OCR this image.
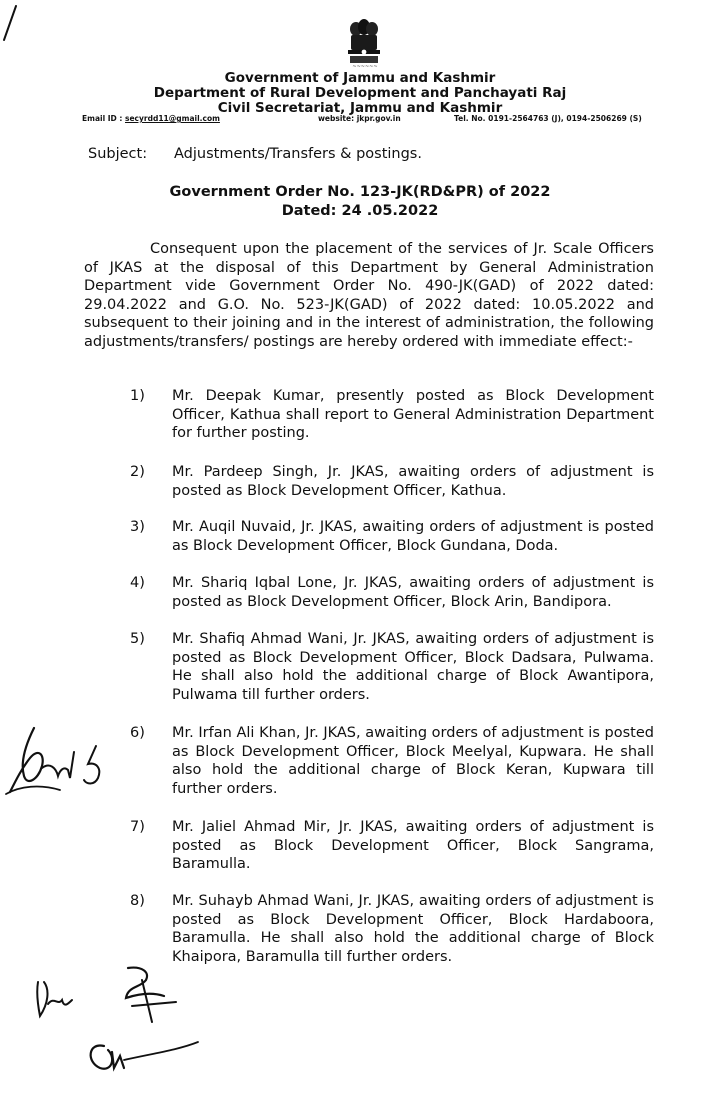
~~~~~~
Government of Jammu and Kashmir
Department of Rural Development and Panchayati Raj
Civil Secretariat, Jammu and Kashmir
Email ID : secyrdd11@gmail.com	website: jkpr.gov.in	Tel. No. 0191-2564763 (J), 0194-2506269 (S)
Subject: Adjustments/Transfers & postings.
Government Order No. 123-JK(RD&PR) of 2022
Dated: 24 .05.2022

Consequent upon the placement of the services of Jr. Scale Officers of JKAS at the disposal of this Department by General Administration Department vide Government Order No. 490-JK(GAD) of 2022 dated: 29.04.2022 and G.O. No. 523-JK(GAD) of 2022 dated: 10.05.2022 and subsequent to their joining and in the interest of administration, the following adjustments/transfers/ postings are hereby ordered with immediate effect:-

1) Mr. Deepak Kumar, presently posted as Block Development Officer, Kathua shall report to General Administration Department for further posting.
2) Mr. Pardeep Singh, Jr. JKAS, awaiting orders of adjustment is posted as Block Development Officer, Kathua.
3) Mr. Auqil Nuvaid, Jr. JKAS, awaiting orders of adjustment is posted as Block Development Officer, Block Gundana, Doda.
4) Mr. Shariq Iqbal Lone, Jr. JKAS, awaiting orders of adjustment is posted as Block Development Officer, Block Arin, Bandipora.
5) Mr. Shafiq Ahmad Wani, Jr. JKAS, awaiting orders of adjustment is posted as Block Development Officer, Block Dadsara, Pulwama. He shall also hold the additional charge of Block Awantipora, Pulwama till further orders.
6) Mr. Irfan Ali Khan, Jr. JKAS, awaiting orders of adjustment is posted as Block Development Officer, Block Meelyal, Kupwara. He shall also hold the additional charge of Block Keran, Kupwara till further orders.
7) Mr. Jaliel Ahmad Mir, Jr. JKAS, awaiting orders of adjustment is posted as Block Development Officer, Block Sangrama, Baramulla.
8) Mr. Suhayb Ahmad Wani, Jr. JKAS, awaiting orders of adjustment is posted as Block Development Officer, Block Hardaboora, Baramulla. He shall also hold the additional charge of Block Khaipora, Baramulla till further orders.
